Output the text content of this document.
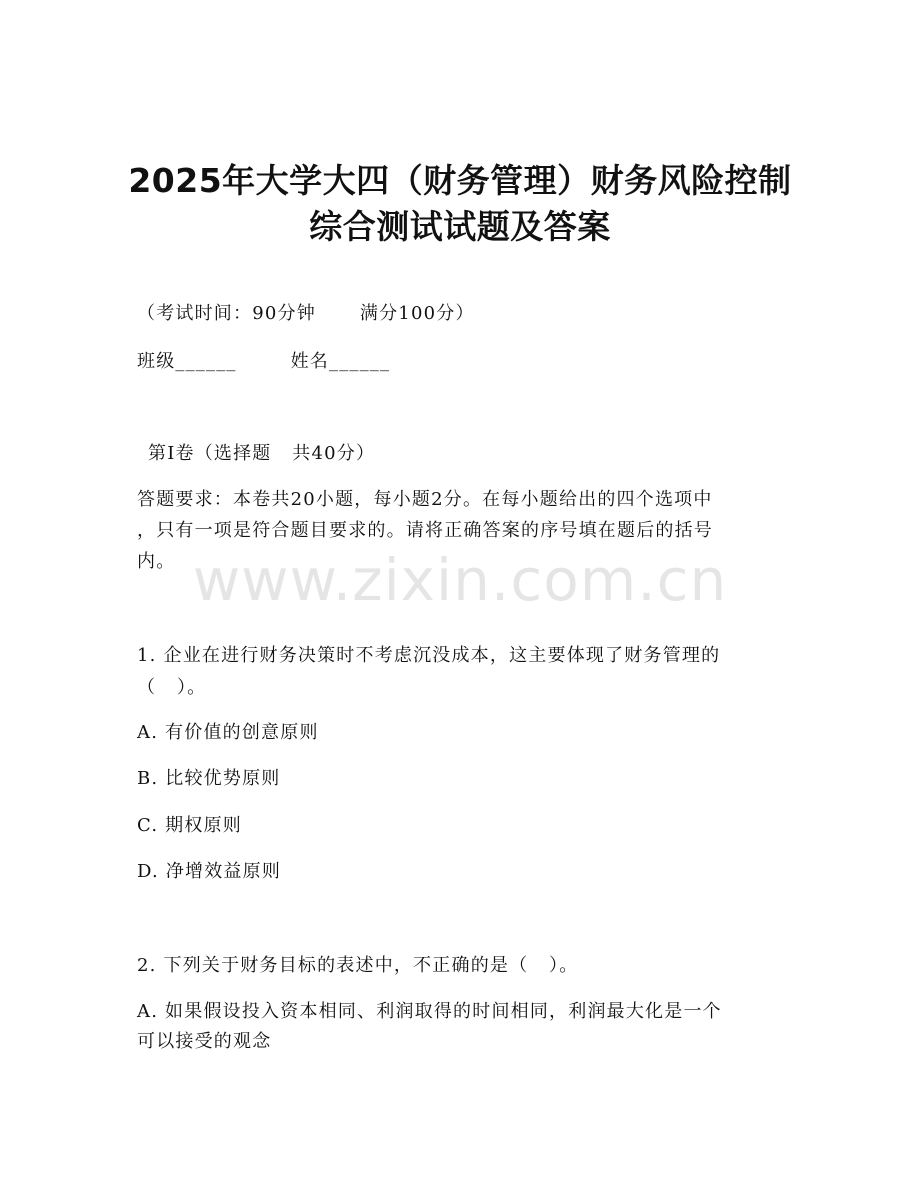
2025年大学大四（财务管理）财务风险控制
综合测试试题及答案
（考试时间：90分钟 满分100分）
班级______	姓名______
第I卷（选择题   共40分）
答题要求：本卷共20小题，每小题2分。在每小题给出的四个选项中
，只有一项是符合题目要求的。请将正确答案的序号填在题后的括号
内。
1. 企业在进行财务决策时不考虑沉没成本，这主要体现了财务管理的
（   ）。
A. 有价值的创意原则
B. 比较优势原则
C. 期权原则
D. 净增效益原则
2. 下列关于财务目标的表述中，不正确的是（   ）。
A. 如果假设投入资本相同、利润取得的时间相同，利润最大化是一个
可以接受的观念
www.zixin.com.cn
